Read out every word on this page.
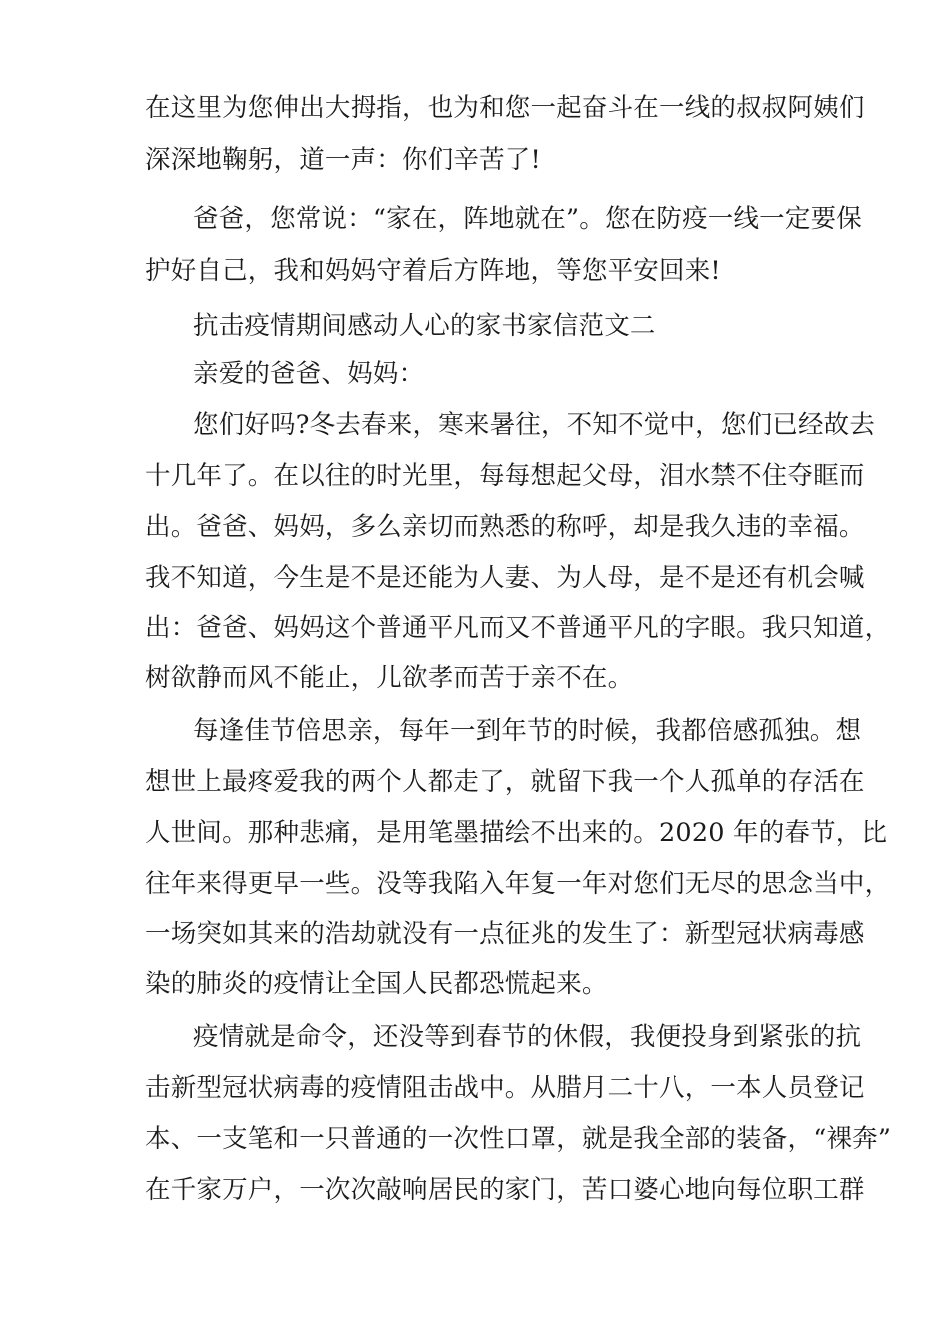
在这里为您伸出大拇指，也为和您一起奋斗在一线的叔叔阿姨们
深深地鞠躬，道一声：你们辛苦了!
爸爸，您常说：“家在，阵地就在”。您在防疫一线一定要保
护好自己，我和妈妈守着后方阵地，等您平安回来!
抗击疫情期间感动人心的家书家信范文二
亲爱的爸爸、妈妈：
您们好吗?冬去春来，寒来暑往，不知不觉中，您们已经故去
十几年了。在以往的时光里，每每想起父母，泪水禁不住夺眶而
出。爸爸、妈妈，多么亲切而熟悉的称呼，却是我久违的幸福。
我不知道，今生是不是还能为人妻、为人母，是不是还有机会喊
出：爸爸、妈妈这个普通平凡而又不普通平凡的字眼。我只知道，
树欲静而风不能止，儿欲孝而苦于亲不在。
每逢佳节倍思亲，每年一到年节的时候，我都倍感孤独。想
想世上最疼爱我的两个人都走了，就留下我一个人孤单的存活在
人世间。那种悲痛，是用笔墨描绘不出来的。2020 年的春节，比
往年来得更早一些。没等我陷入年复一年对您们无尽的思念当中，
一场突如其来的浩劫就没有一点征兆的发生了：新型冠状病毒感
染的肺炎的疫情让全国人民都恐慌起来。
疫情就是命令，还没等到春节的休假，我便投身到紧张的抗
击新型冠状病毒的疫情阻击战中。从腊月二十八，一本人员登记
本、一支笔和一只普通的一次性口罩，就是我全部的装备，“裸奔”
在千家万户，一次次敲响居民的家门，苦口婆心地向每位职工群
